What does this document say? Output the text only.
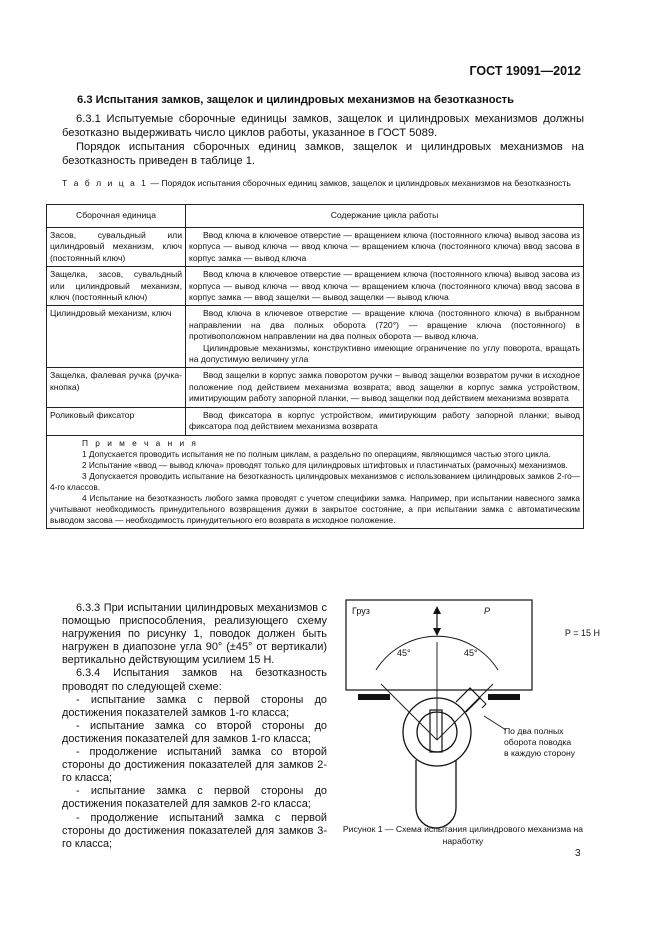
ГОСТ 19091—2012
6.3 Испытания замков, защелок и цилиндровых механизмов на безотказность

6.3.1 Испытуемые сборочные единицы замков, защелок и цилиндровых механизмов должны безотказно выдерживать число циклов работы, указанное в ГОСТ 5089.

Порядок испытания сборочных единиц замков, защелок и цилиндровых механизмов на безотказность приведен в таблице 1.

Т а б л и ц а 1 — Порядок испытания сборочных единиц замков, защелок и цилиндровых механизмов на безотказность
Сборочная единица	Содержание цикла работы
Засов, сувальдный или цилиндровый механизм, ключ (постоянный ключ)	Ввод ключа в ключевое отверстие — вращением ключа (постоянного ключа) вывод засова из корпуса — вывод ключа — ввод ключа — вращением ключа (постоянного ключа) ввод засова в корпус замка — вывод ключа
Защелка, засов, сувальдный или цилиндровый механизм, ключ (постоянный ключ)	Ввод ключа в ключевое отверстие — вращением ключа (постоянного ключа) вывод засова из корпуса — вывод ключа — ввод ключа — вращением ключа (постоянного ключа) ввод засова в корпус замка — ввод защелки — вывод защелки — вывод ключа
Цилиндровый механизм, ключ	Ввод ключа в ключевое отверстие — вращение ключа (постоянного ключа) в выбранном направлении на два полных оборота (720°) — вращение ключа (постоянного) в противоположном направлении на два полных оборота — вывод ключа.

Цилиндровые механизмы, конструктивно имеющие ограничение по углу поворота, вращать на допустимую величину угла

Защелка, фалевая ручка (ручка-кнопка)	Ввод защелки в корпус замка поворотом ручки – вывод защелки возвратом ручки в исходное положение под действием механизма возврата; ввод защелки в корпус замка устройством, имитирующим работу запорной планки, — вывод защелки под действием механизма возврата
Роликовый фиксатор	Ввод фиксатора в корпус устройством, имитирующим работу запорной планки; вывод фиксатора под действием механизма возврата

П р и м е ч а н и я

1 Допускается проводить испытания не по полным циклам, а раздельно по операциям, являющимся частью этого цикла.

2 Испытание «ввод — вывод ключа» проводят только для цилиндровых штифтовых и пластинчатых (рамочных) механизмов.

3 Допускается проводить испытание на безотказность цилиндровых механизмов с использованием цилиндровых замков 2-го—4-го классов.

4 Испытание на безотказность любого замка проводят с учетом специфики замка. Например, при испытании навесного замка учитывают необходимость принудительного возвращения дужки в закрытое состояние, а при испытании замка с автоматическим выводом засова — необходимость принудительного его возврата в исходное положение.	

6.3.3 При испытании цилиндровых механизмов с помощью приспособления, реализующего схему нагружения по рисунку 1, поводок должен быть нагружен в диапозоне угла 90° (±45° от вертикали) вертикально действующим усилием 15 Н.

6.3.4 Испытания замков на безотказность проводят по следующей схеме:

- испытание замка с первой стороны до достижения показателей замков 1-го класса;

- испытание замка со второй стороны до достижения показателей для замков 1-го класса;

- продолжение испытаний замка со второй стороны до достижения показателей для замков 2-го класса;

- испытание замка с первой стороны до достижения показателей для замков 2-го класса;

- продолжение испытаний замка с первой стороны до достижения показателей для замков 3-го класса;

Груз	P
45°	45°
P = 15 Н
По два полных
оборота поводка
в каждую сторону
Рисунок 1 — Схема испытания цилиндрового механизма на наработку
3
